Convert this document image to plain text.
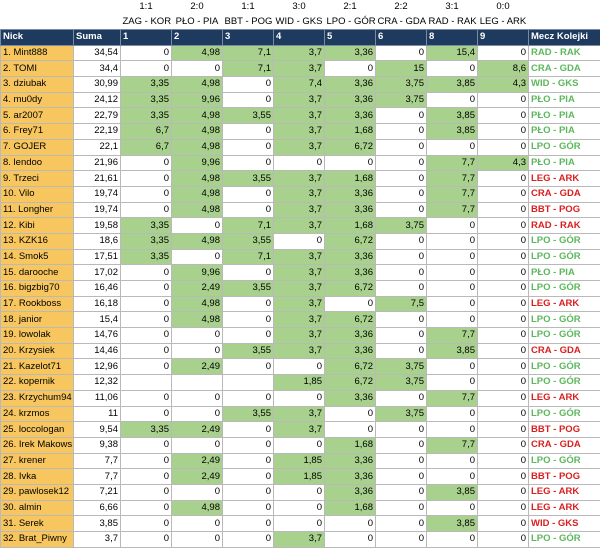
		1:1	2:0	1:1	3:0	2:1	2:2	3:1	0:0	
		ZAG - KOR	PŁO - PIA	BBT - POG	WID - GKS	LPO - GÓR	CRA - GDA	RAD - RAK	LEG - ARK	
Nick	Suma	1	2	3	4	5	6	8	9	Mecz Kolejki
1. Mint888	34,54	0	4,98	7,1	3,7	3,36	0	15,4	0	RAD - RAK
2. TOMI	34,4	0	0	7,1	3,7	0	15	0	8,6	CRA - GDA
3. dziubak	30,99	3,35	4,98	0	7,4	3,36	3,75	3,85	4,3	WID - GKS
4. mu0dy	24,12	3,35	9,96	0	3,7	3,36	3,75	0	0	PŁO - PIA
5. ar2007	22,79	3,35	4,98	3,55	3,7	3,36	0	3,85	0	PŁO - PIA
6. Frey71	22,19	6,7	4,98	0	3,7	1,68	0	3,85	0	PŁO - PIA
7. GOJER	22,1	6,7	4,98	0	3,7	6,72	0	0	0	LPO - GÓR
8. lendoo	21,96	0	9,96	0	0	0	0	7,7	4,3	PŁO - PIA
9. Trzeci	21,61	0	4,98	3,55	3,7	1,68	0	7,7	0	LEG - ARK
10. Vilo	19,74	0	4,98	0	3,7	3,36	0	7,7	0	CRA - GDA
11. Longher	19,74	0	4,98	0	3,7	3,36	0	7,7	0	BBT - POG
12. Kibi	19,58	3,35	0	7,1	3,7	1,68	3,75	0	0	RAD - RAK
13. KZK16	18,6	3,35	4,98	3,55	0	6,72	0	0	0	LPO - GÓR
14. Smok5	17,51	3,35	0	7,1	3,7	3,36	0	0	0	LPO - GÓR
15. darooche	17,02	0	9,96	0	3,7	3,36	0	0	0	PŁO - PIA
16. bigzbig70	16,46	0	2,49	3,55	3,7	6,72	0	0	0	LPO - GÓR
17. Rookboss	16,18	0	4,98	0	3,7	0	7,5	0	0	LEG - ARK
18. janior	15,4	0	4,98	0	3,7	6,72	0	0	0	LPO - GÓR
19. lowolak	14,76	0	0	0	3,7	3,36	0	7,7	0	LPO - GÓR
20. Krzysiek	14,46	0	0	3,55	3,7	3,36	0	3,85	0	CRA - GDA
21. Kazelot71	12,96	0	2,49	0	0	6,72	3,75	0	0	LPO - GÓR
22. kopernik	12,32				1,85	6,72	3,75	0	0	LPO - GÓR
23. Krzychum94	11,06	0	0	0	0	3,36	0	7,7	0	LEG - ARK
24. krzmos	11	0	0	3,55	3,7	0	3,75	0	0	LPO - GÓR
25. loccologan	9,54	3,35	2,49	0	3,7	0	0	0	0	BBT - POG
26. Irek Makows	9,38	0	0	0	0	1,68	0	7,7	0	CRA - GDA
27. krener	7,7	0	2,49	0	1,85	3,36	0	0	0	LPO - GÓR
28. Ivka	7,7	0	2,49	0	1,85	3,36	0	0	0	BBT - POG
29. pawlosek12	7,21	0	0	0	0	3,36	0	3,85	0	LEG - ARK
30. almin	6,66	0	4,98	0	0	1,68	0	0	0	LEG - ARK
31. Serek	3,85	0	0	0	0	0	0	3,85	0	WID - GKS
32. Brat_Piwny	3,7	0	0	0	3,7	0	0	0	0	LPO - GÓR
